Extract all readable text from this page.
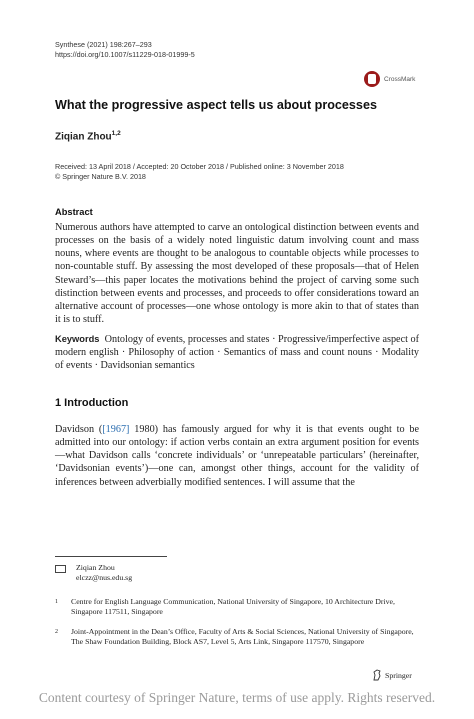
Synthese (2021) 198:267–293
https://doi.org/10.1007/s11229-018-01999-5
CrossMark
What the progressive aspect tells us about processes
Ziqian Zhou$^{1,2}$
Received: 13 April 2018 / Accepted: 20 October 2018 / Published online: 3 November 2018
© Springer Nature B.V. 2018
Abstract
Numerous authors have attempted to carve an ontological distinction between events and processes on the basis of a widely noted linguistic datum involving count and mass nouns, where events are thought to be analogous to countable objects while processes to non-countable stuff. By assessing the most developed of these proposals—that of Helen Steward’s—this paper locates the motivations behind the project of carving some such distinction between events and processes, and proceeds to offer considerations toward an alternative account of processes—one whose ontology is more akin to that of states than it is to stuff.
Keywords Ontology of events, processes and states · Progressive/imperfective aspect of modern english · Philosophy of action · Semantics of mass and count nouns · Modality of events · Davidsonian semantics
1 Introduction
Davidson ([1967] 1980) has famously argued for why it is that events ought to be admitted into our ontology: if action verbs contain an extra argument position for events—what Davidson calls ‘concrete individuals’ or ‘unrepeatable particulars’ (hereinafter, ‘Davidsonian events’)—one can, amongst other things, account for the validity of inferences between adverbially modified sentences. I will assume that the
Ziqian Zhou
elczz@nus.edu.sg
1	Centre for English Language Communication, National University of Singapore, 10 Architecture Drive, Singapore 117511, Singapore
2	Joint-Appointment in the Dean’s Office, Faculty of Arts & Social Sciences, National University of Singapore, The Shaw Foundation Building, Block AS7, Level 5, Arts Link, Singapore 117570, Singapore
Springer
Content courtesy of Springer Nature, terms of use apply. Rights reserved.
